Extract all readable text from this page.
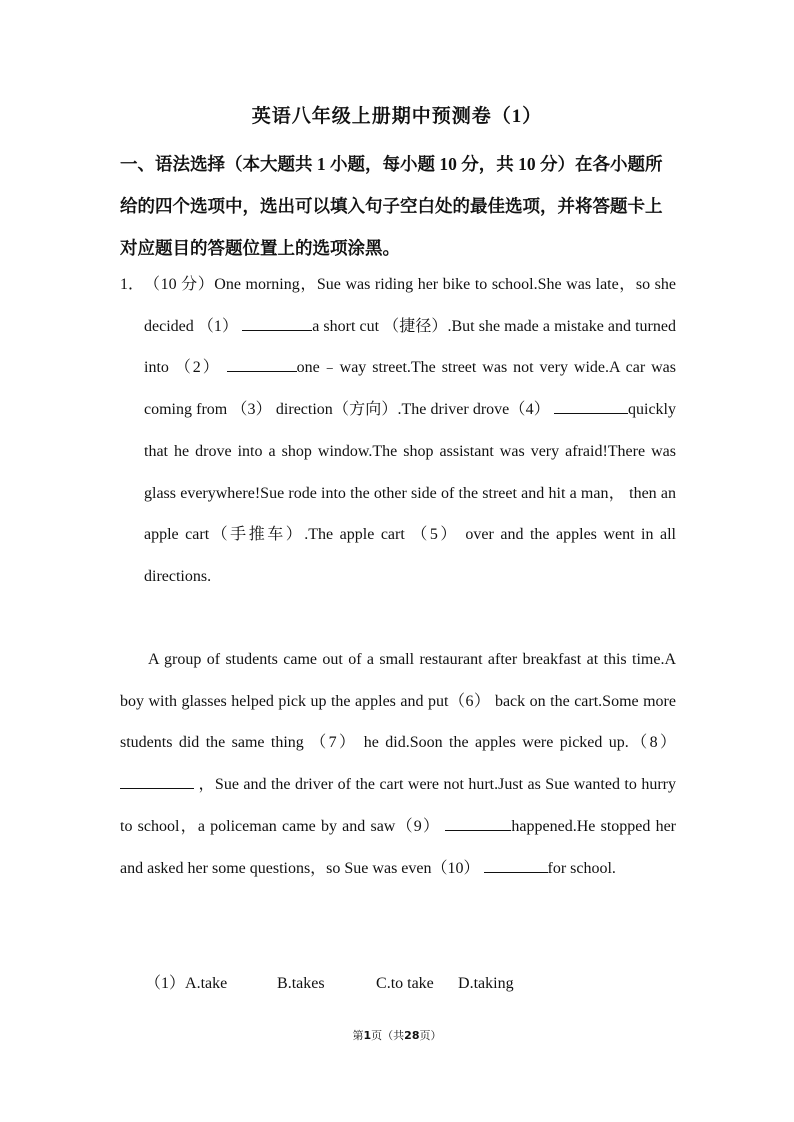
英语八年级上册期中预测卷（1）
一、语法选择（本大题共 1 小题，每小题 10 分，共 10 分）在各小题所给的四个选项中，选出可以填入句子空白处的最佳选项，并将答题卡上对应题目的答题位置上的选项涂黑。
1． （10 分）One morning，Sue was riding her bike to school.She was late，so she decided （1）	a short cut （捷径）.But she made a mistake and turned into （2）	one﹣way street.The street was not very wide.A car was coming from （3） direction（方向）.The driver drove（4）	quickly that he drove into a shop window.The shop assistant was very afraid!There was glass everywhere!Sue rode into the other side of the street and hit a man， then an apple cart（手推车）.The apple cart （5） over and the apples went in all directions.
A group of students came out of a small restaurant after breakfast at this time.A boy with glasses helped pick up the apples and put（6） back on the cart.Some more students did the same thing （7） he did.Soon the apples were picked up.（8）  ，Sue and the driver of the cart were not hurt.Just as Sue wanted to hurry to school，a policeman came by and saw（9）	happened.He stopped her and asked her some questions，so Sue was even（10）	for school.
（1）A.take	B.takes	C.to take D.taking
第1页（共28页）
